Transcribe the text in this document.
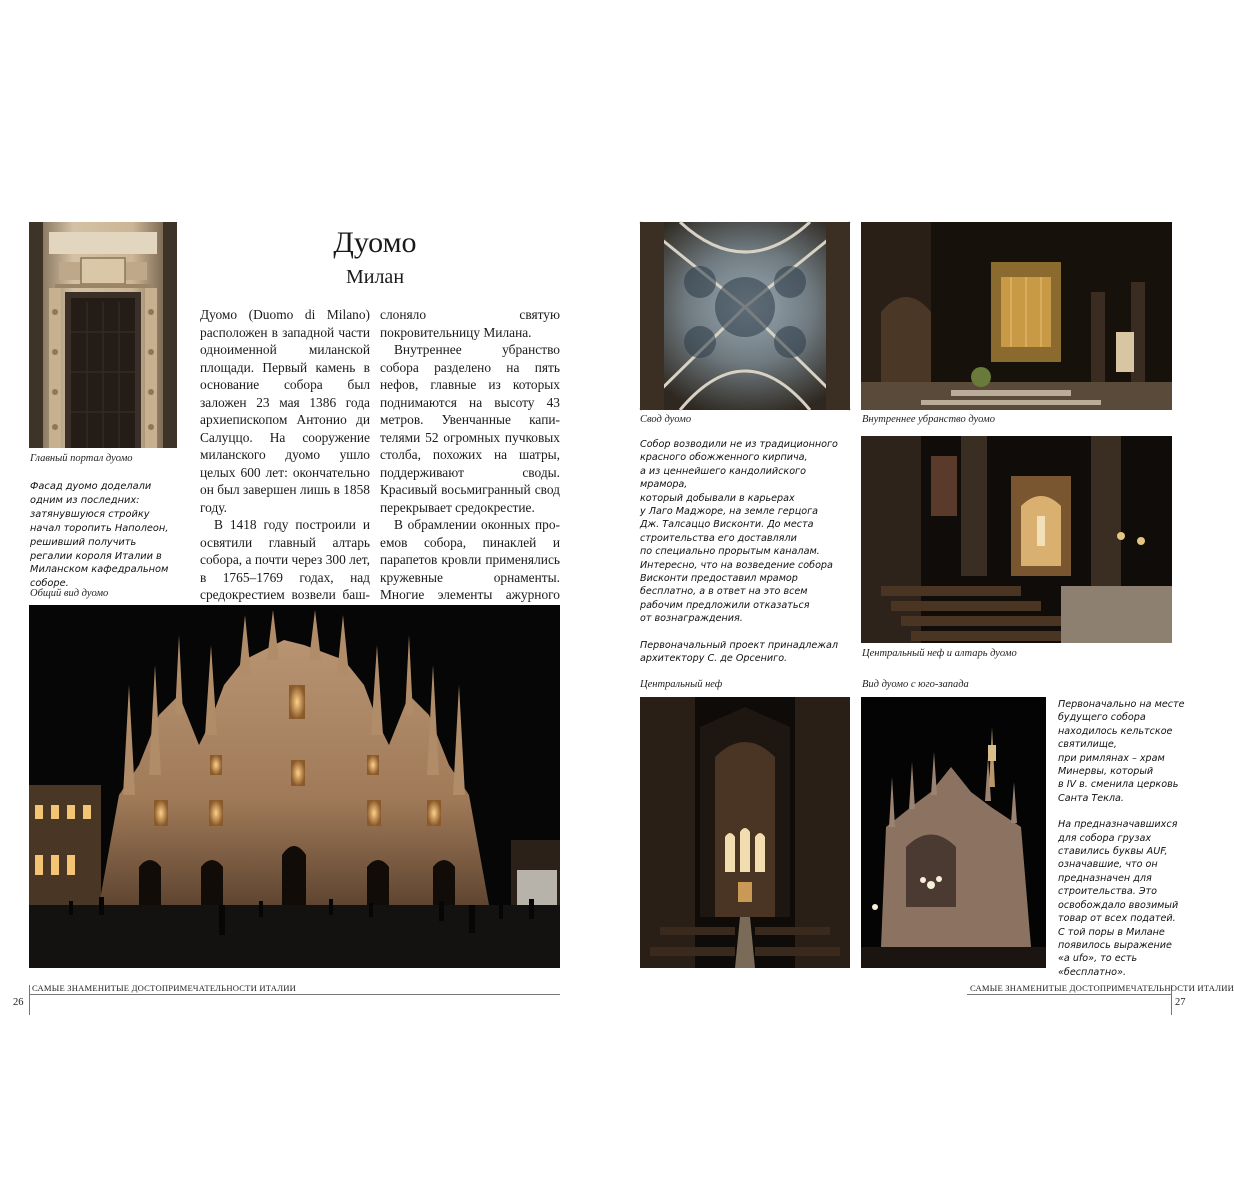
Главный портал дуомо

Фасад дуомо доделали одним из последних: затянувшуюся стройку начал торопить Наполеон, решивший получить регалии короля Италии в Миланском кафедральном соборе.

Дуомо
Милан

Дуомо (Duomo di Milano) расположен в западной части одноименной миланской площади. Первый камень в основание собора был заложен 23 мая 1386 года архиепископом Антонио ди Салуццо. На сооружение миланского дуомо ушло целых 600 лет: окончательно он был завершен лишь в 1858 году.

В 1418 году построили и освятили главный алтарь собора, а почти через 300 лет, в 1765–1769 годах, над средокрестием возвели баш

слоняло святую покровительницу Милана.

Внутреннее убранство собора разделено на пять нефов, главные из которых поднимаются на высоту 43 метров. Увенчанные капителями 52 огромных пучковых столба, похожих на шатры, поддерживают своды. Красивый восьмигранный свод перекрывает средокрестие.

В обрамлении оконных проемов собора, пинаклей и парапетов кровли применялись кружевные орнаменты. Многие элементы ажурного

Общий вид дуомо
САМЫЕ ЗНАМЕНИТЫЕ ДОСТОПРИМЕЧАТЕЛЬНОСТИ ИТАЛИИ
26
Свод дуомо	Внутреннее убранство дуомо

Собор возводили не из традиционного
красного обожженного кирпича,
а из ценнейшего кандолийского мрамора,
который добывали в карьерах
у Лаго Маджоре, на земле герцога
Дж. Талсаццо Висконти. До места
строительства его доставляли
по специально прорытым каналам.
Интересно, что на возведение собора
Висконти предоставил мрамор
бесплатно, а в ответ на это всем
рабочим предложили отказаться
от вознаграждения.

Первоначальный проект принадлежал
архитектору С. де Орсениго.	Центральный неф и алтарь дуомо
Центральный неф	Вид дуомо с юго-запада

Первоначально на месте
будущего собора
находилось кельтское
святилище,
при римлянах – храм
Минервы, который
в IV в. сменила церковь
Санта Текла.

На предназначавшихся
для собора грузах
ставились буквы AUF,
означавшие, что он
предназначен для
строительства. Это
освобождало ввозимый
товар от всех податей.
С той поры в Милане
появилось выражение
«a ufo», то есть
«бесплатно».

САМЫЕ ЗНАМЕНИТЫЕ ДОСТОПРИМЕЧАТЕЛЬНОСТИ ИТАЛИИ
27
